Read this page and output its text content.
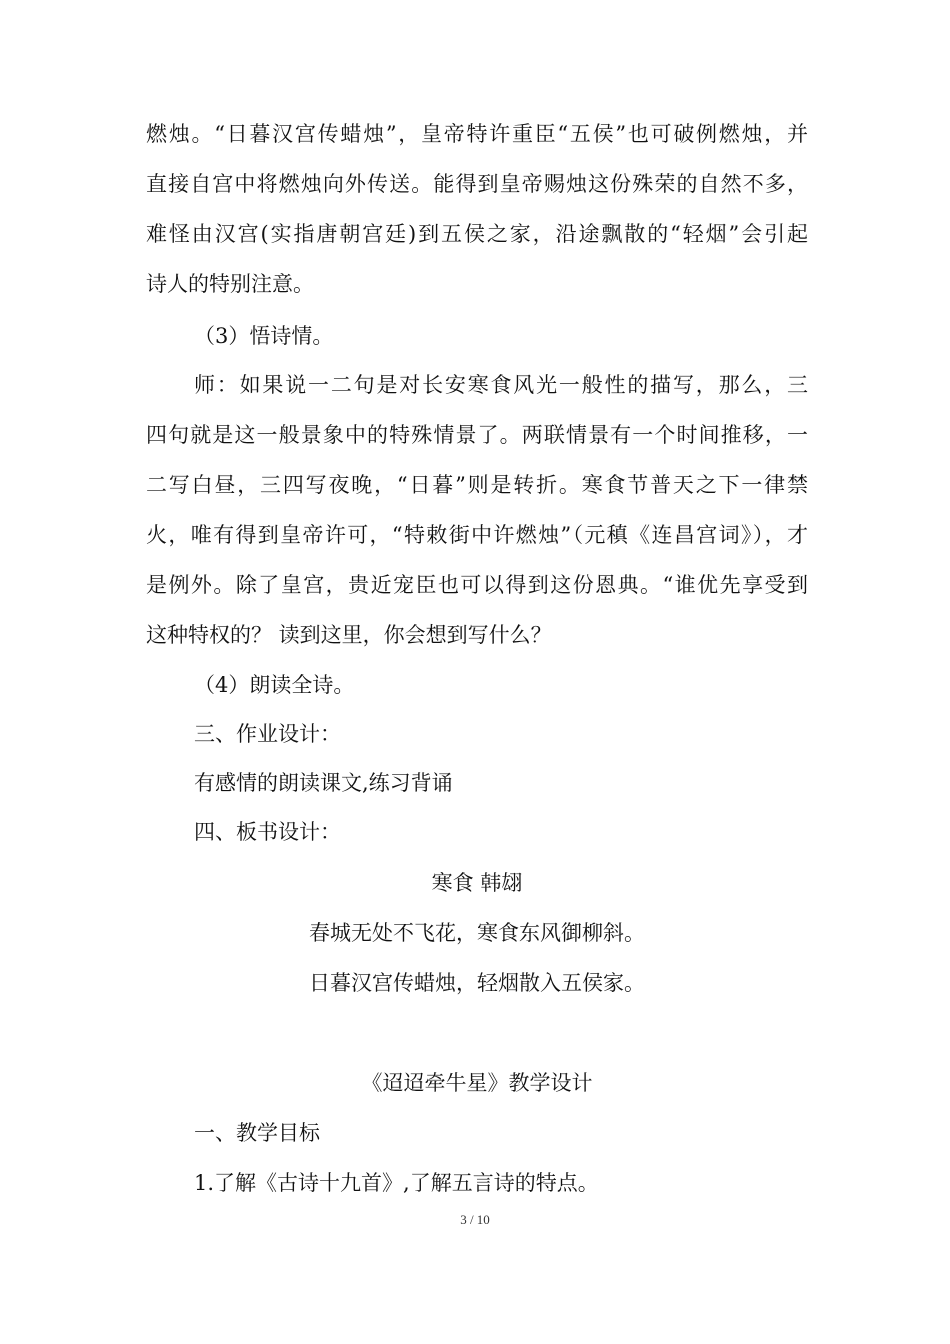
燃烛。“日暮汉宫传蜡烛”，皇帝特许重臣“五侯”也可破例燃烛，并
直接自宫中将燃烛向外传送。能得到皇帝赐烛这份殊荣的自然不多，
难怪由汉宫(实指唐朝宫廷)到五侯之家，沿途飘散的“轻烟”会引起
诗人的特别注意。
（3）悟诗情。
师：如果说一二句是对长安寒食风光一般性的描写，那么，三
四句就是这一般景象中的特殊情景了。两联情景有一个时间推移，一
二写白昼，三四写夜晚，“日暮”则是转折。寒食节普天之下一律禁
火，唯有得到皇帝许可，“特敕街中许燃烛”（元稹《连昌宫词》），才
是例外。除了皇宫，贵近宠臣也可以得到这份恩典。“谁优先享受到
这种特权的？ 读到这里，你会想到写什么？
（4）朗读全诗。
三、作业设计：
有感情的朗读课文,练习背诵
四、板书设计：
寒食 韩翃
春城无处不飞花，寒食东风御柳斜。
日暮汉宫传蜡烛，轻烟散入五侯家。
《迢迢牵牛星》教学设计
一、教学目标
1.了解《古诗十九首》,了解五言诗的特点。
3 / 10
